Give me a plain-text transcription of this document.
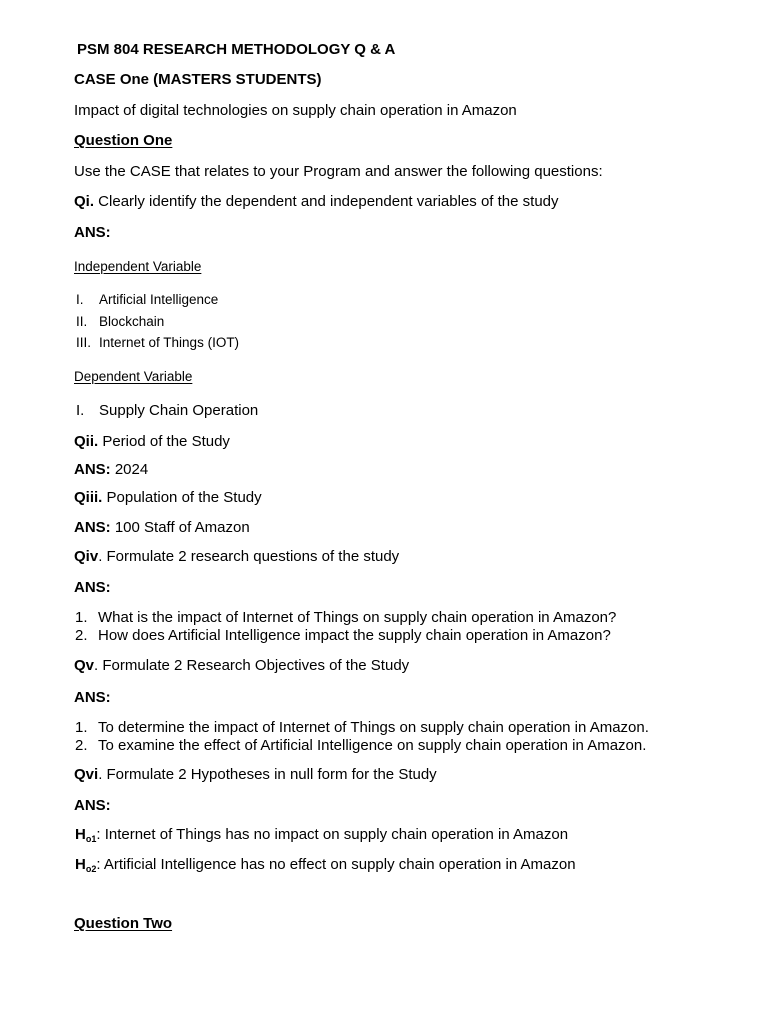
PSM 804 RESEARCH METHODOLOGY Q & A
CASE One (MASTERS STUDENTS)
Impact of digital technologies on supply chain operation in Amazon
Question One
Use the CASE that relates to your Program and answer the following questions:
Qi. Clearly identify the dependent and independent variables of the study
ANS:
Independent Variable
I. Artificial Intelligence
II. Blockchain
III. Internet of Things (IOT)
Dependent Variable
I. Supply Chain Operation
Qii. Period of the Study
ANS: 2024
Qiii. Population of the Study
ANS: 100 Staff of Amazon
Qiv. Formulate 2 research questions of the study
ANS:
1. What is the impact of Internet of Things on supply chain operation in Amazon?
2. How does Artificial Intelligence impact the supply chain operation in Amazon?
Qv. Formulate 2 Research Objectives of the Study
ANS:
1. To determine the impact of Internet of Things on supply chain operation in Amazon.
2. To examine the effect of Artificial Intelligence on supply chain operation in Amazon.
Qvi. Formulate 2 Hypotheses in null form for the Study
ANS:
$H_{o1}$: Internet of Things has no impact on supply chain operation in Amazon
$H_{o2}$: Artificial Intelligence has no effect on supply chain operation in Amazon
Question Two
